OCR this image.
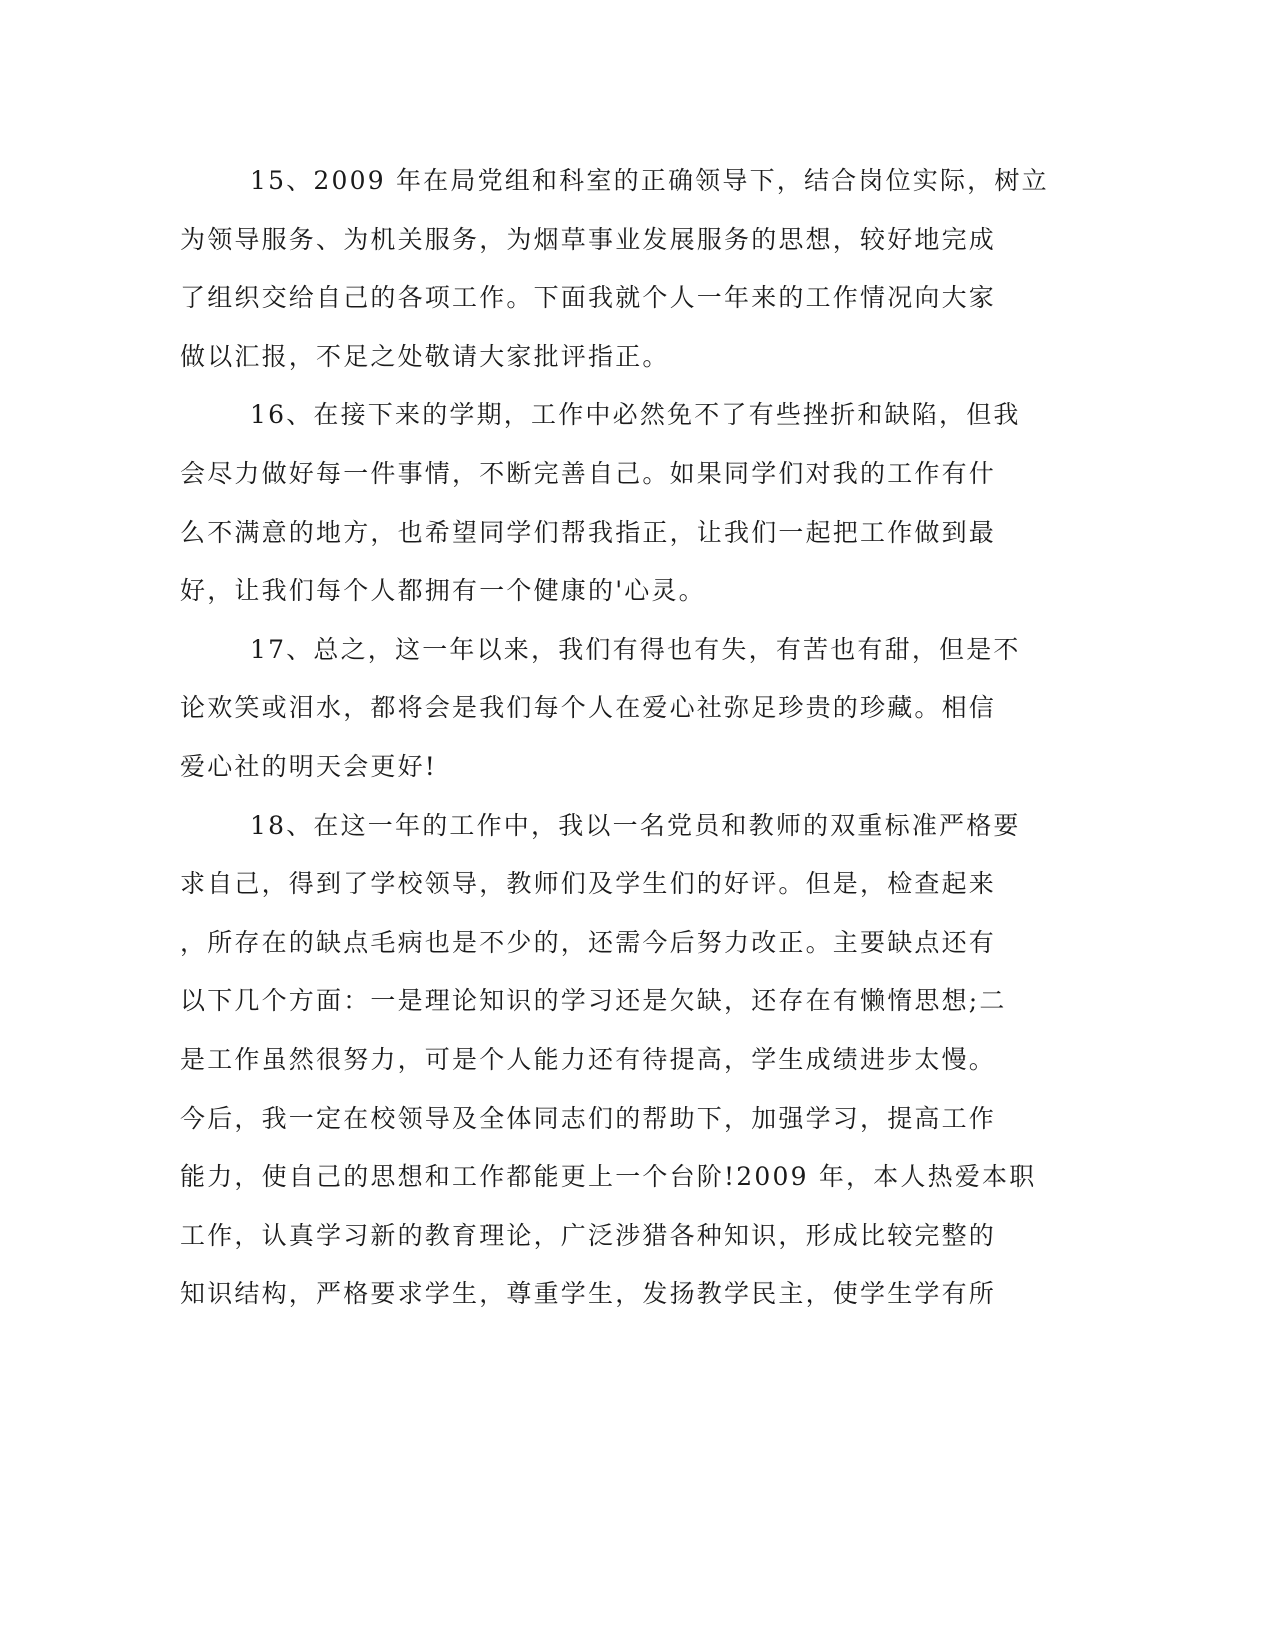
15、2009 年在局党组和科室的正确领导下，结合岗位实际，树立
为领导服务、为机关服务，为烟草事业发展服务的思想，较好地完成
了组织交给自己的各项工作。下面我就个人一年来的工作情况向大家
做以汇报，不足之处敬请大家批评指正。
16、在接下来的学期，工作中必然免不了有些挫折和缺陷，但我
会尽力做好每一件事情，不断完善自己。如果同学们对我的工作有什
么不满意的地方，也希望同学们帮我指正，让我们一起把工作做到最
好，让我们每个人都拥有一个健康的'心灵。
17、总之，这一年以来，我们有得也有失，有苦也有甜，但是不
论欢笑或泪水，都将会是我们每个人在爱心社弥足珍贵的珍藏。相信
爱心社的明天会更好!
18、在这一年的工作中，我以一名党员和教师的双重标准严格要
求自己，得到了学校领导，教师们及学生们的好评。但是，检查起来
，所存在的缺点毛病也是不少的，还需今后努力改正。主要缺点还有
以下几个方面：一是理论知识的学习还是欠缺，还存在有懒惰思想;二
是工作虽然很努力，可是个人能力还有待提高，学生成绩进步太慢。
今后，我一定在校领导及全体同志们的帮助下，加强学习，提高工作
能力，使自己的思想和工作都能更上一个台阶!2009 年，本人热爱本职
工作，认真学习新的教育理论，广泛涉猎各种知识，形成比较完整的
知识结构，严格要求学生，尊重学生，发扬教学民主，使学生学有所
